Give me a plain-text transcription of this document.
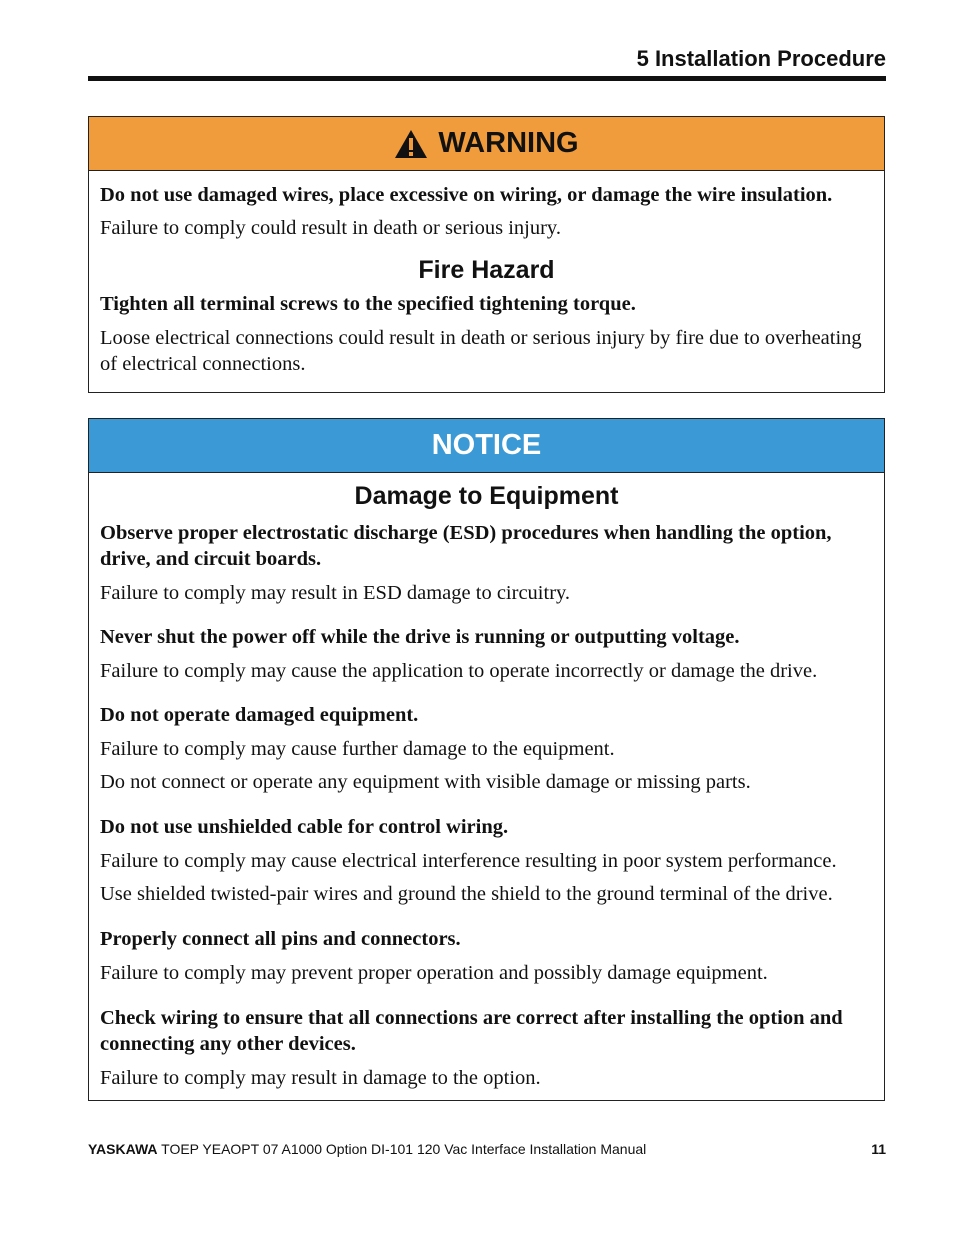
5 Installation Procedure
WARNING

Do not use damaged wires, place excessive on wiring, or damage the wire insulation.

Failure to comply could result in death or serious injury.

Fire Hazard

Tighten all terminal screws to the specified tightening torque.

Loose electrical connections could result in death or serious injury by fire due to overheating of electrical connections.

NOTICE

Damage to Equipment

Observe proper electrostatic discharge (ESD) procedures when handling the option, drive, and circuit boards.

Failure to comply may result in ESD damage to circuitry.

Never shut the power off while the drive is running or outputting voltage.

Failure to comply may cause the application to operate incorrectly or damage the drive.

Do not operate damaged equipment.

Failure to comply may cause further damage to the equipment.

Do not connect or operate any equipment with visible damage or missing parts.

Do not use unshielded cable for control wiring.

Failure to comply may cause electrical interference resulting in poor system performance.

Use shielded twisted-pair wires and ground the shield to the ground terminal of the drive.

Properly connect all pins and connectors.

Failure to comply may prevent proper operation and possibly damage equipment.

Check wiring to ensure that all connections are correct after installing the option and connecting any other devices.

Failure to comply may result in damage to the option.

YASKAWA TOEP YEAOPT 07 A1000 Option DI-101 120 Vac Interface Installation Manual	11
